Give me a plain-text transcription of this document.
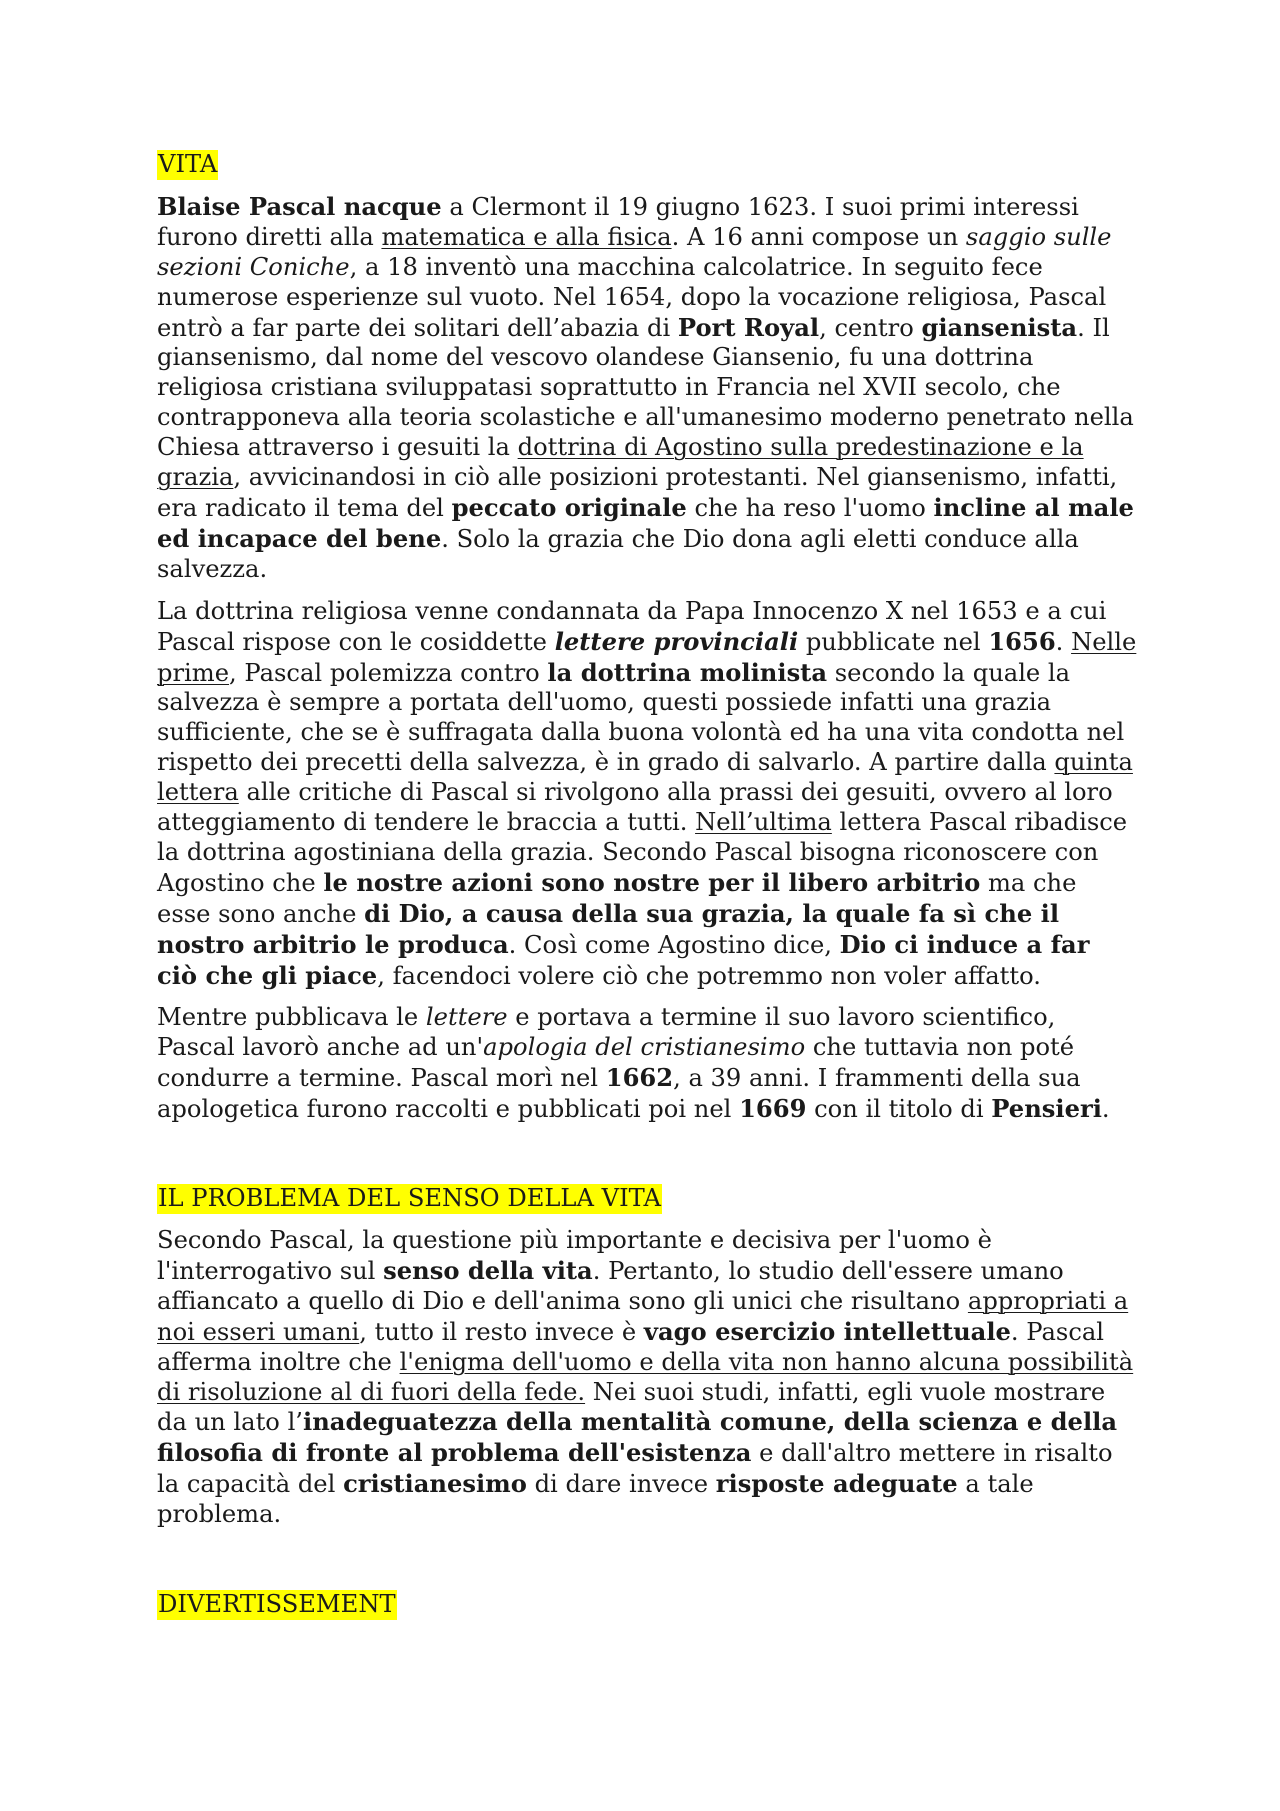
VITA

Blaise Pascal nacque a Clermont il 19 giugno 1623. I suoi primi interessi furono diretti alla matematica e alla fisica. A 16 anni compose un saggio sulle sezioni Coniche, a 18 inventò una macchina calcolatrice. In seguito fece numerose esperienze sul vuoto. Nel 1654, dopo la vocazione religiosa, Pascal entrò a far parte dei solitari dell’abazia di Port Royal, centro giansenista. Il giansenismo, dal nome del vescovo olandese Giansenio, fu una dottrina religiosa cristiana sviluppatasi soprattutto in Francia nel XVII secolo, che contrapponeva alla teoria scolastiche e all'umanesimo moderno penetrato nella Chiesa attraverso i gesuiti la dottrina di Agostino sulla predestinazione e la grazia, avvicinandosi in ciò alle posizioni protestanti. Nel giansenismo, infatti, era radicato il tema del peccato originale che ha reso l'uomo incline al male ed incapace del bene. Solo la grazia che Dio dona agli eletti conduce alla salvezza.

La dottrina religiosa venne condannata da Papa Innocenzo X nel 1653 e a cui Pascal rispose con le cosiddette lettere provinciali pubblicate nel 1656. Nelle prime, Pascal polemizza contro la dottrina molinista secondo la quale la salvezza è sempre a portata dell'uomo, questi possiede infatti una grazia sufficiente, che se è suffragata dalla buona volontà ed ha una vita condotta nel rispetto dei precetti della salvezza, è in grado di salvarlo. A partire dalla quinta lettera alle critiche di Pascal si rivolgono alla prassi dei gesuiti, ovvero al loro atteggiamento di tendere le braccia a tutti. Nell’ultima lettera Pascal ribadisce la dottrina agostiniana della grazia. Secondo Pascal bisogna riconoscere con Agostino che le nostre azioni sono nostre per il libero arbitrio ma che esse sono anche di Dio, a causa della sua grazia, la quale fa sì che il nostro arbitrio le produca. Così come Agostino dice, Dio ci induce a far ciò che gli piace, facendoci volere ciò che potremmo non voler affatto.

Mentre pubblicava le lettere e portava a termine il suo lavoro scientifico, Pascal lavorò anche ad un'apologia del cristianesimo che tuttavia non poté condurre a termine. Pascal morì nel 1662, a 39 anni. I frammenti della sua apologetica furono raccolti e pubblicati poi nel 1669 con il titolo di Pensieri.

IL PROBLEMA DEL SENSO DELLA VITA

Secondo Pascal, la questione più importante e decisiva per l'uomo è l'interrogativo sul senso della vita. Pertanto, lo studio dell'essere umano affiancato a quello di Dio e dell'anima sono gli unici che risultano appropriati a noi esseri umani, tutto il resto invece è vago esercizio intellettuale. Pascal afferma inoltre che l'enigma dell'uomo e della vita non hanno alcuna possibilità di risoluzione al di fuori della fede. Nei suoi studi, infatti, egli vuole mostrare da un lato l’inadeguatezza della mentalità comune, della scienza e della filosofia di fronte al problema dell'esistenza e dall'altro mettere in risalto la capacità del cristianesimo di dare invece risposte adeguate a tale problema.

DIVERTISSEMENT
